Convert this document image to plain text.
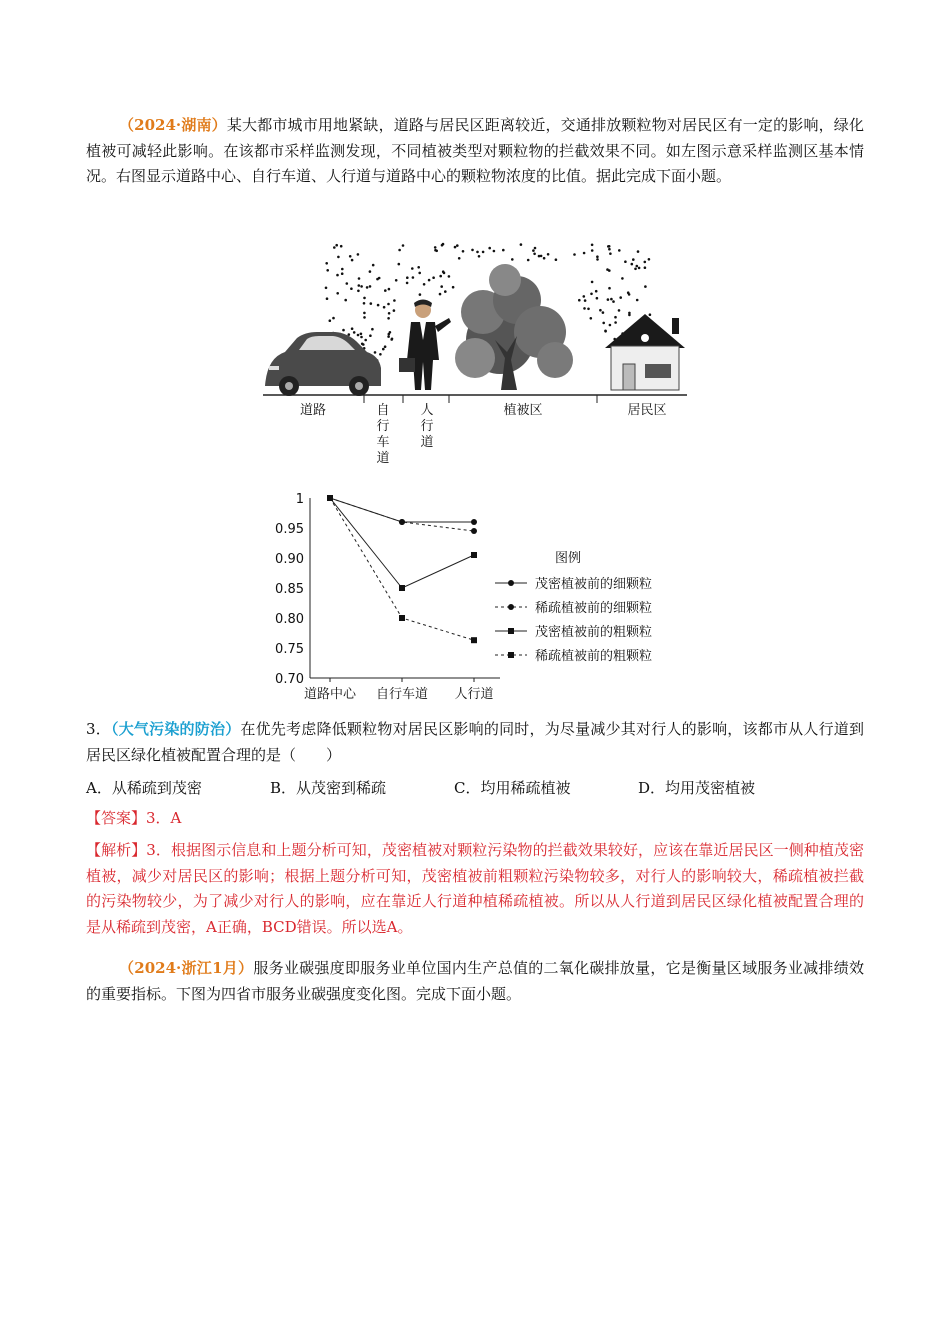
（2024·湖南）某大都市城市用地紧缺，道路与居民区距离较近，交通排放颗粒物对居民区有一定的影响，绿化植被可减轻此影响。在该都市采样监测发现，不同植被类型对颗粒物的拦截效果不同。如左图示意采样监测区基本情况。右图显示道路中心、自行车道、人行道与道路中心的颗粒物浓度的比值。据此完成下面小题。
道路	自行车道
人行道
植被区	居民区
1
0.95
0.90
0.85
0.80
0.75
0.70
道路中心 自行车道 人行道
图例
茂密植被前的细颗粒
稀疏植被前的细颗粒
茂密植被前的粗颗粒
稀疏植被前的粗颗粒
3．（大气污染的防治）在优先考虑降低颗粒物对居民区影响的同时，为尽量减少其对行人的影响，该都市从人行道到居民区绿化植被配置合理的是（　　）
A．从稀疏到茂密	B．从茂密到稀疏	C．均用稀疏植被	D．均用茂密植被
【答案】3．A
【解析】3．根据图示信息和上题分析可知，茂密植被对颗粒污染物的拦截效果较好，应该在靠近居民区一侧种植茂密植被，减少对居民区的影响；根据上题分析可知，茂密植被前粗颗粒污染物较多，对行人的影响较大，稀疏植被拦截的污染物较少，为了减少对行人的影响，应在靠近人行道种植稀疏植被。所以从人行道到居民区绿化植被配置合理的是从稀疏到茂密，A正确，BCD错误。所以选A。
（2024·浙江1月）服务业碳强度即服务业单位国内生产总值的二氧化碳排放量，它是衡量区域服务业减排绩效的重要指标。下图为四省市服务业碳强度变化图。完成下面小题。
